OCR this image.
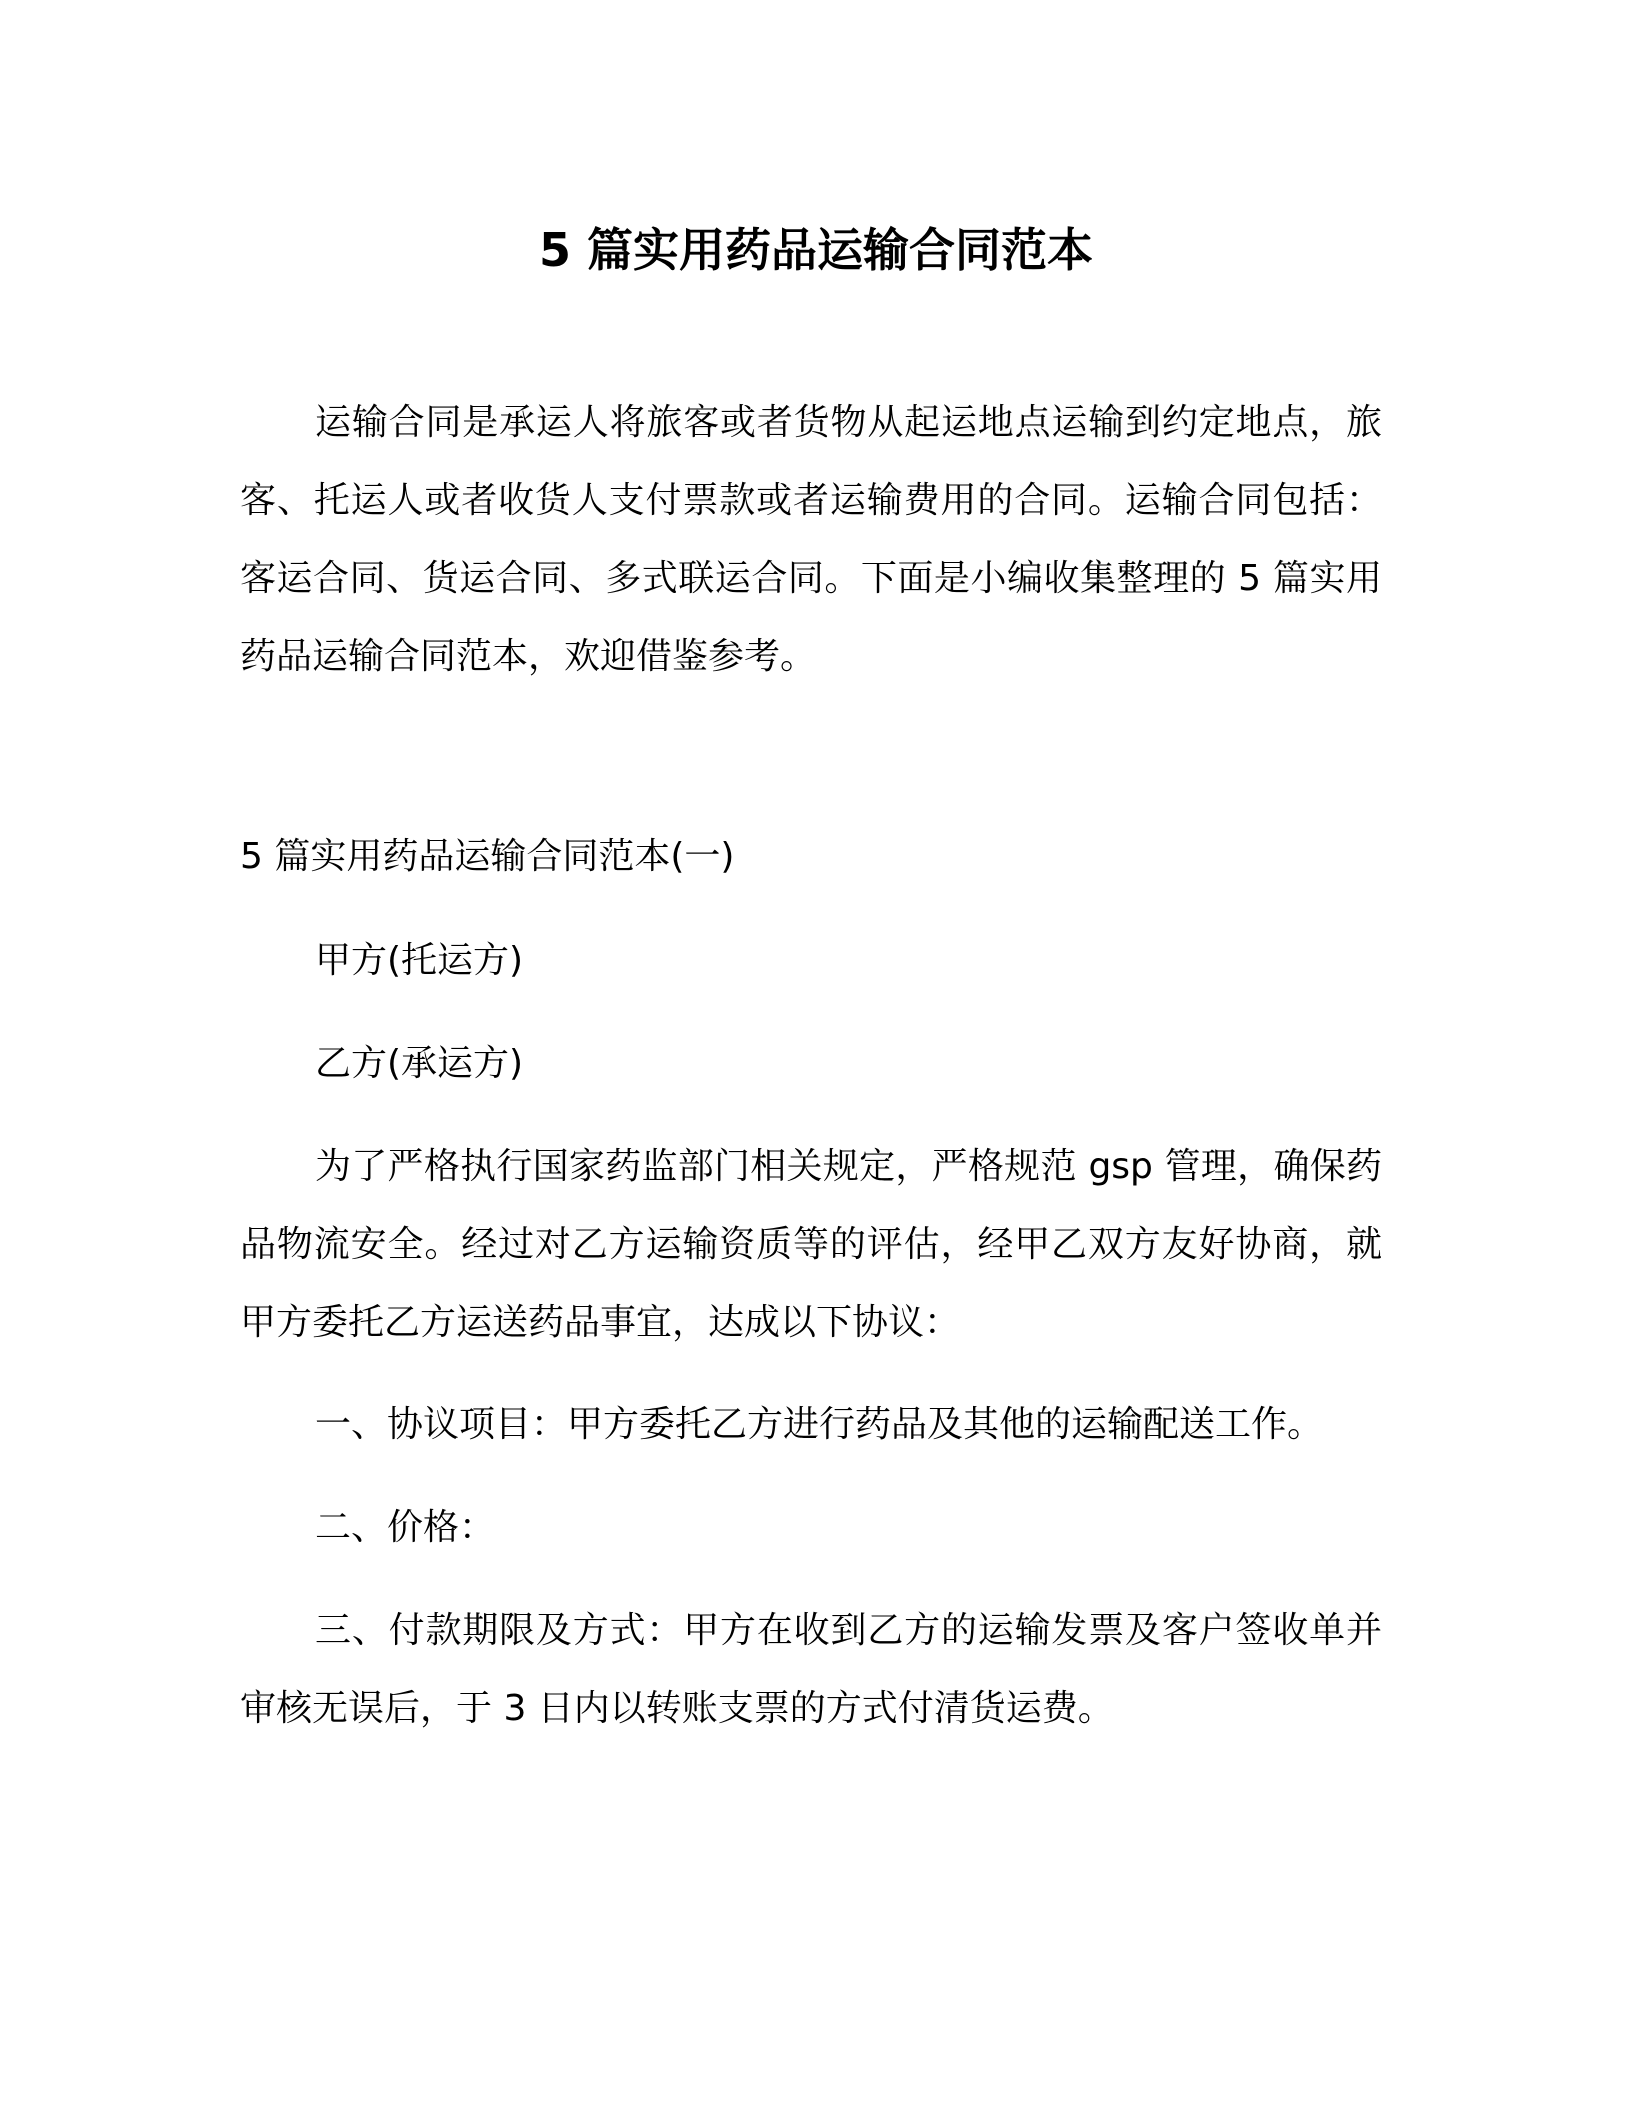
5 篇实用药品运输合同范本

运输合同是承运人将旅客或者货物从起运地点运输到约定地点，旅客、托运人或者收货人支付票款或者运输费用的合同。运输合同包括：客运合同、货运合同、多式联运合同。下面是小编收集整理的 5 篇实用药品运输合同范本，欢迎借鉴参考。

5 篇实用药品运输合同范本(一)

甲方(托运方)

乙方(承运方)

为了严格执行国家药监部门相关规定，严格规范 gsp 管理，确保药品物流安全。经过对乙方运输资质等的评估，经甲乙双方友好协商，就甲方委托乙方运送药品事宜，达成以下协议：

一、协议项目：甲方委托乙方进行药品及其他的运输配送工作。

二、价格：

三、付款期限及方式：甲方在收到乙方的运输发票及客户签收单并审核无误后，于 3 日内以转账支票的方式付清货运费。
